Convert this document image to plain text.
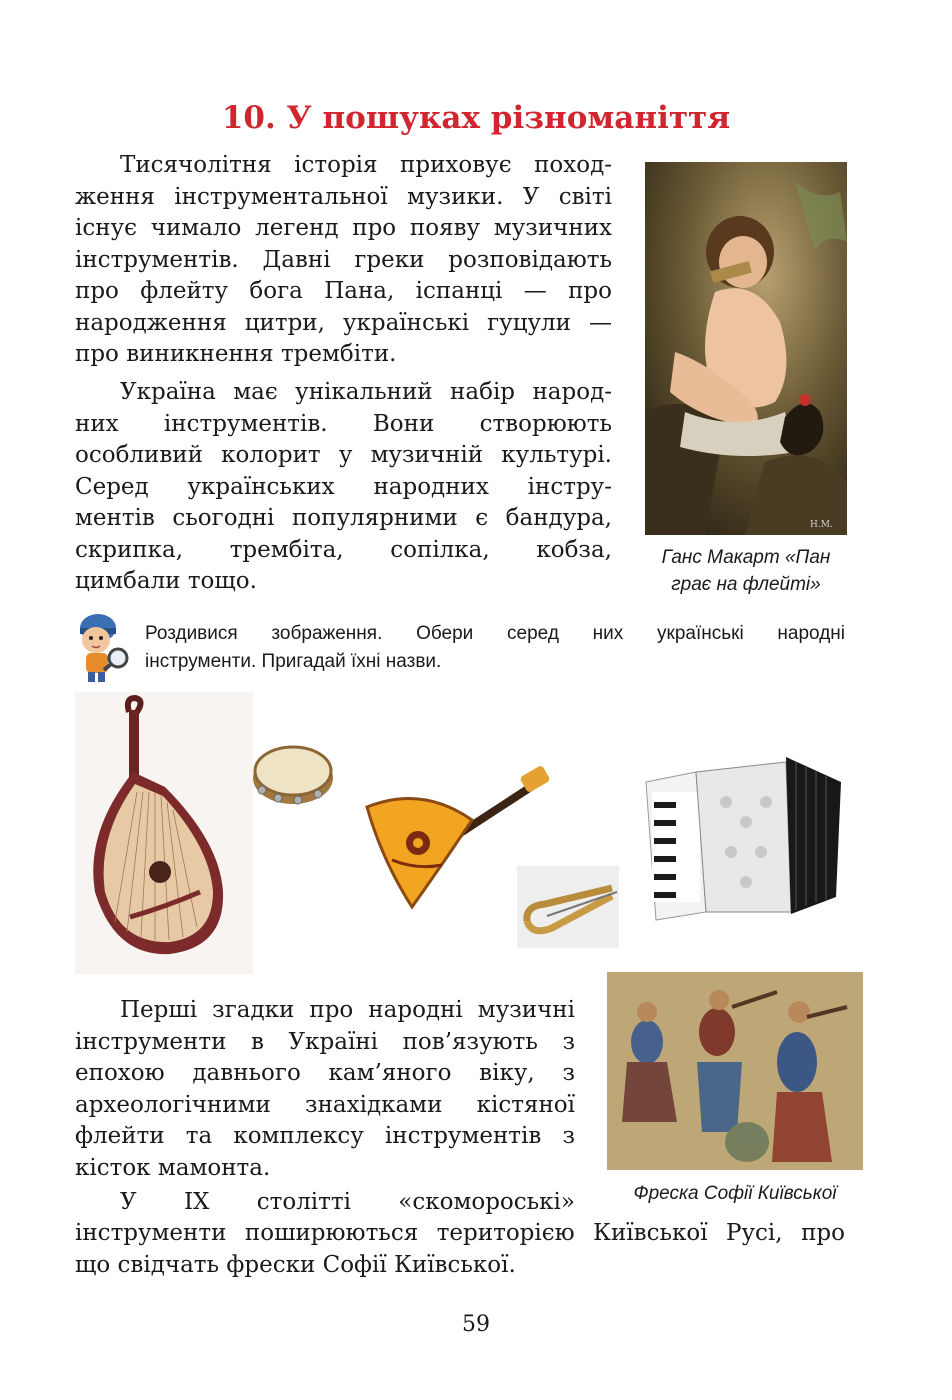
10. У пошуках різноманіття
Тисячолітня історія приховує поход-
ження інструментальної музики. У світі
існує чимало легенд про появу музичних
інструментів. Давні греки розповідають
про флейту бога Пана, іспанці — про
народження цитри, українські гуцули —
про виникнення трембіти.
Україна має унікальний набір народ-
них інструментів. Вони створюють
особливий колорит у музичній культурі.
Серед українських народних інстру-
ментів сьогодні популярними є бандура,
скрипка, трембіта, сопілка, кобза,
цимбали тощо.
H.M.
Ганс Макарт «Пан
грає на флейті»
Роздивися зображення. Обери серед них українські народні
інструменти. Пригадай їхні назви.
Перші згадки про народні музичні
інструменти в Україні пов’язують з
епохою давнього кам’яного віку, з
археологічними знахідками кістяної
флейти та комплексу інструментів з
кісток мамонта.
У IX столітті «скоморoські»
інструменти поширюються територією Київської Русі, про
що свідчать фрески Софії Київської.
Фреска Софії Київської
59
